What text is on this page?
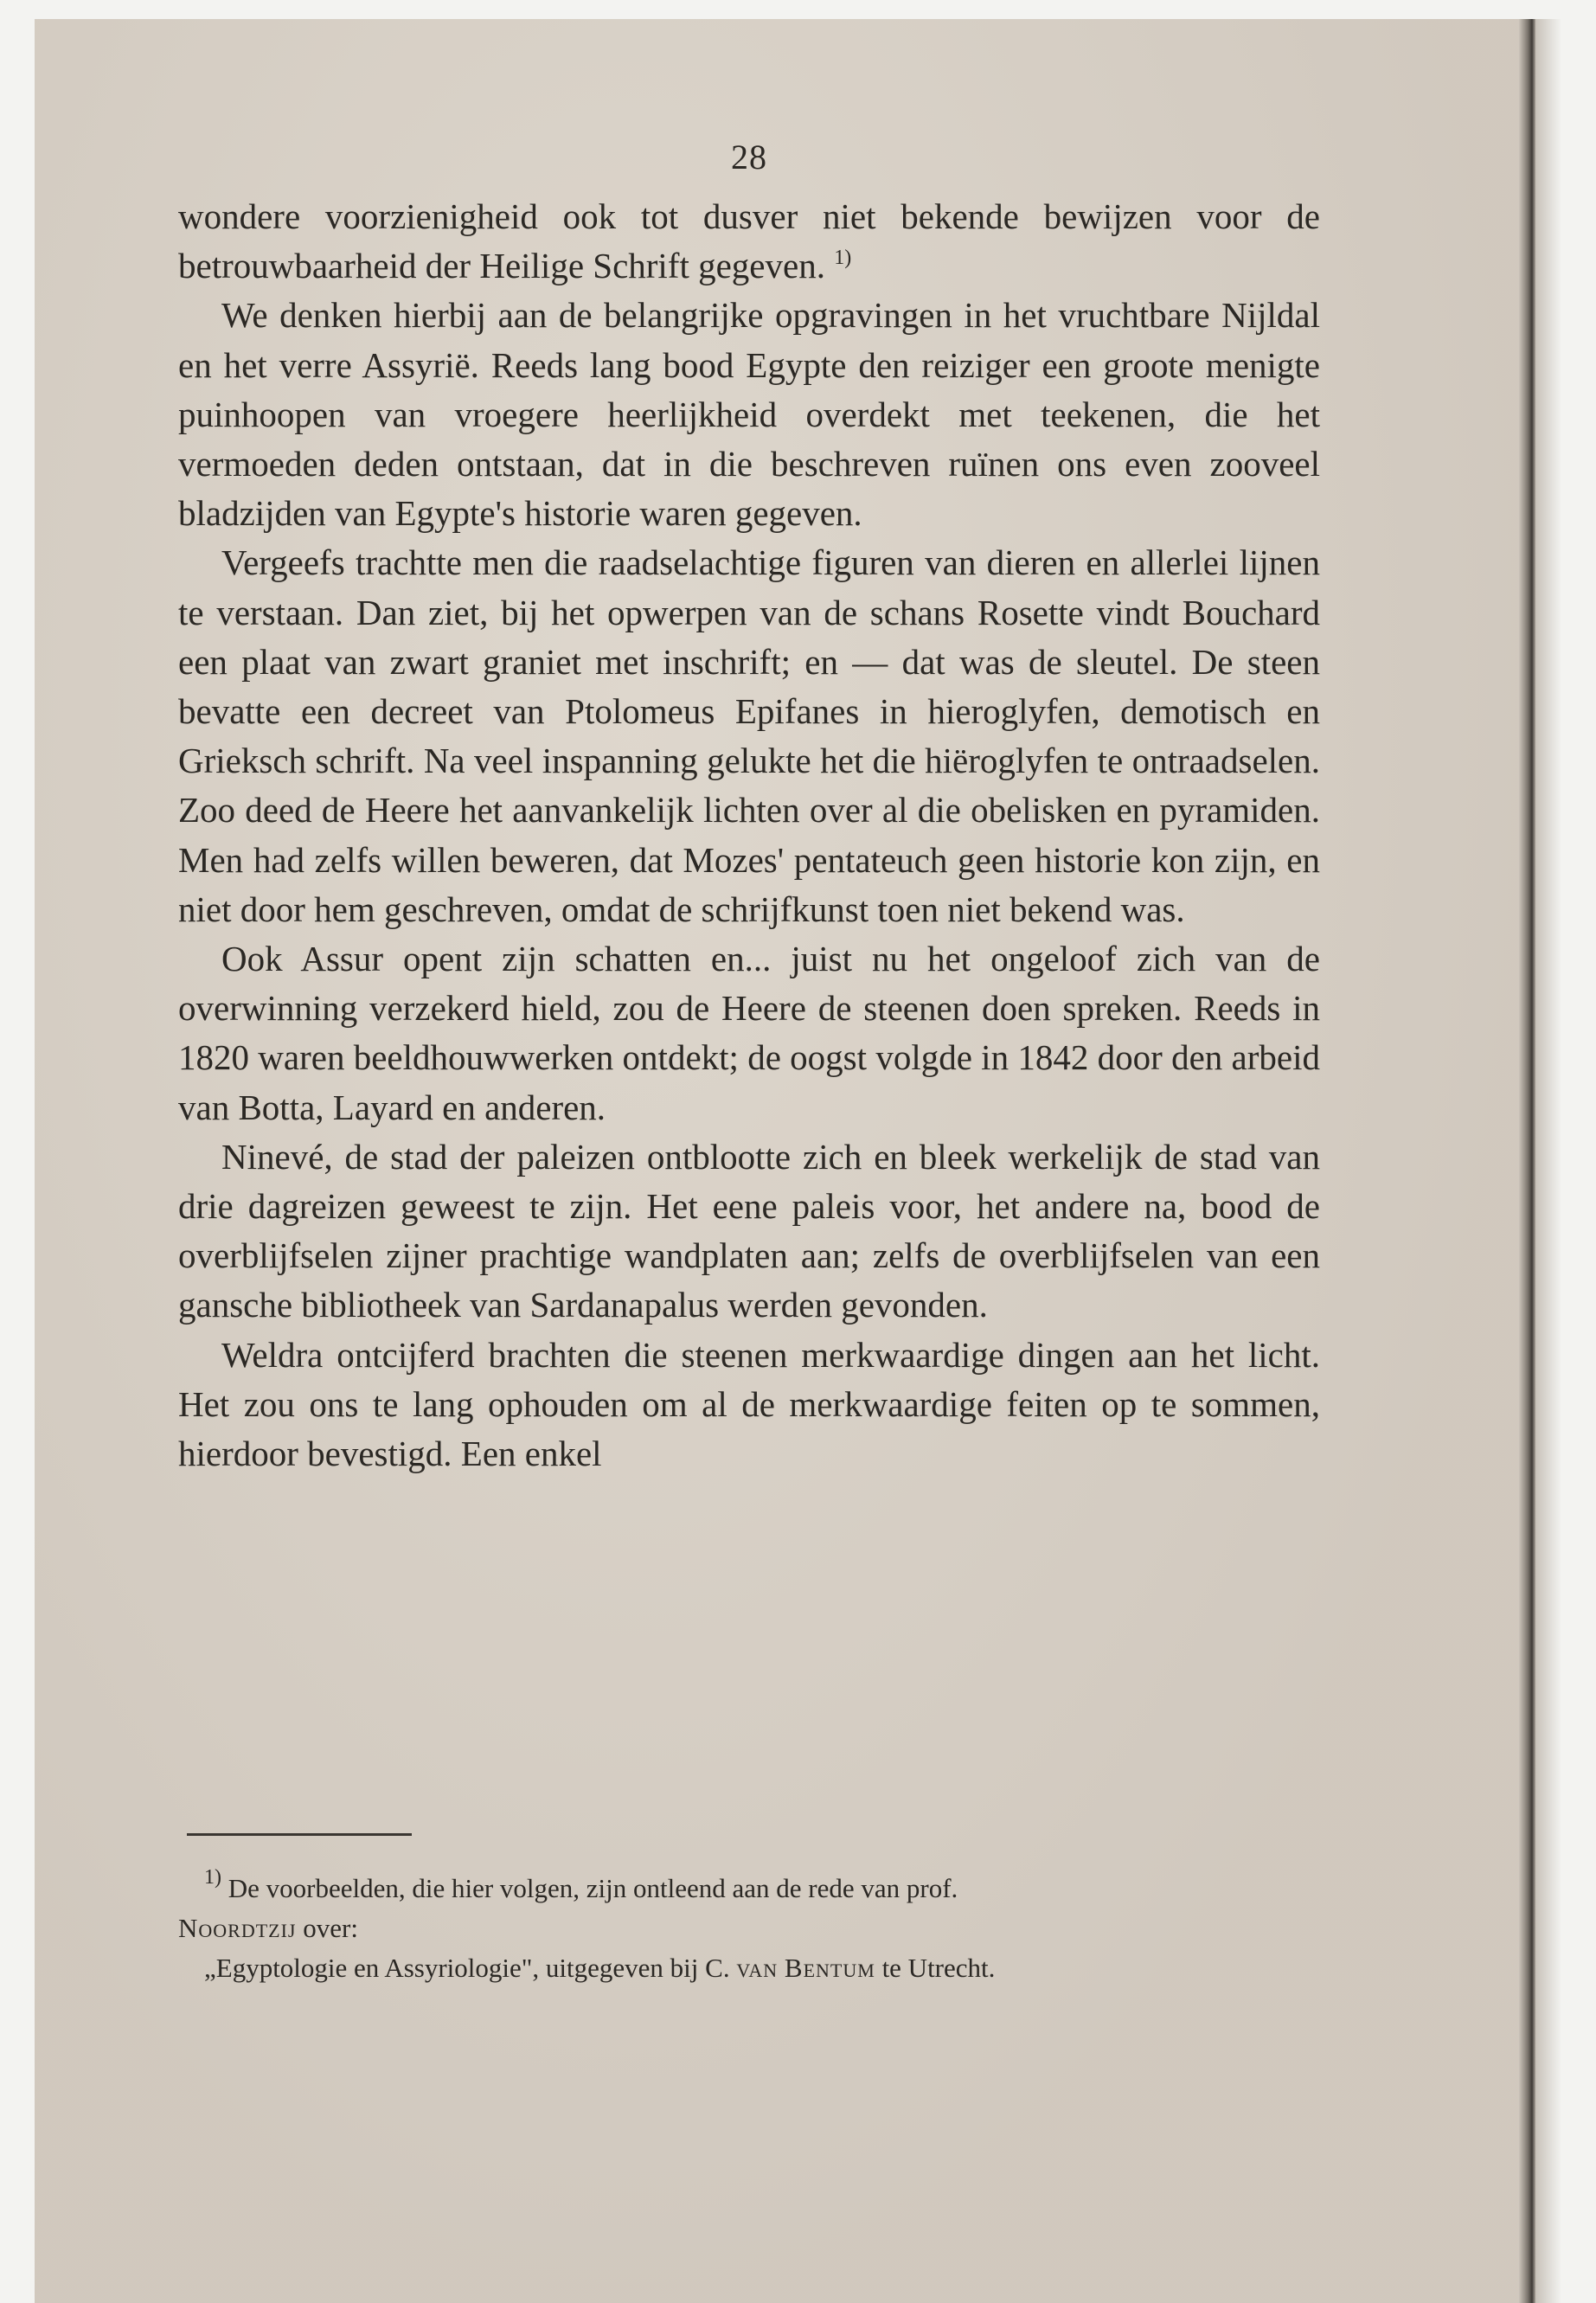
28

wondere voorzienigheid ook tot dusver niet bekende bewijzen voor de betrouwbaarheid der Heilige Schrift gegeven. $^{1)}$

We denken hierbij aan de belangrijke opgravingen in het vruchtbare Nijldal en het verre Assyrië. Reeds lang bood Egypte den reiziger een groote menigte puinhoopen van vroegere heerlijkheid overdekt met teekenen, die het vermoeden deden ontstaan, dat in die beschreven ruïnen ons even zooveel bladzijden van Egypte's historie waren gegeven.

Vergeefs trachtte men die raadselachtige figuren van dieren en allerlei lijnen te verstaan. Dan ziet, bij het opwerpen van de schans Rosette vindt Bouchard een plaat van zwart graniet met inschrift; en — dat was de sleutel. De steen bevatte een decreet van Ptolomeus Epifanes in hieroglyfen, demotisch en Grieksch schrift. Na veel inspanning gelukte het die hiëroglyfen te ontraadselen. Zoo deed de Heere het aanvankelijk lichten over al die obelisken en pyramiden. Men had zelfs willen beweren, dat Mozes' pentateuch geen historie kon zijn, en niet door hem geschreven, omdat de schrijfkunst toen niet bekend was.

Ook Assur opent zijn schatten en... juist nu het ongeloof zich van de overwinning verzekerd hield, zou de Heere de steenen doen spreken. Reeds in 1820 waren beeldhouwwerken ontdekt; de oogst volgde in 1842 door den arbeid van Botta, Layard en anderen.

Ninevé, de stad der paleizen ontblootte zich en bleek werkelijk de stad van drie dagreizen geweest te zijn. Het eene paleis voor, het andere na, bood de overblijfselen zijner prachtige wandplaten aan; zelfs de overblijfselen van een gansche bibliotheek van Sardanapalus werden gevonden.

Weldra ontcijferd brachten die steenen merkwaardige dingen aan het licht. Het zou ons te lang ophouden om al de merkwaardige feiten op te sommen, hierdoor bevestigd. Een enkel

$^{1)}$ De voorbeelden, die hier volgen, zijn ontleend aan de rede van prof.

Noordtzij over:

„Egyptologie en Assyriologie", uitgegeven bij C. van Bentum te Utrecht.
